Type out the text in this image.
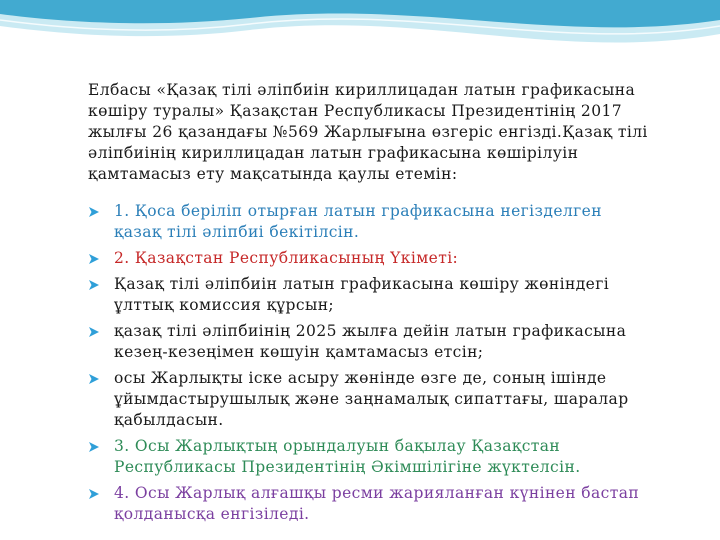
Елбасы «Қазақ тілі әліпбиін кириллицадан латын графикасына көшіру туралы» Қазақстан Республикасы Президентінің 2017 жылғы 26 қазандағы №569 Жарлығына өзгеріс енгізді.Қазақ тілі әліпбиінің кириллицадан латын графикасына көшірілуін қамтамасыз ету мақсатында қаулы етемін:

1. Қоса беріліп отырған латын графикасына негізделген қазақ тілі әліпбиі бекітілсін.
2. Қазақстан Республикасының Үкіметі:
Қазақ тілі әліпбиін латын графикасына көшіру жөніндегі ұлттық комиссия құрсын;
қазақ тілі әліпбиінің 2025 жылға дейін латын графикасына кезең-кезеңімен көшуін қамтамасыз етсін;
осы Жарлықты іске асыру жөнінде өзге де, соның ішінде ұйымдастырушылық және заңнамалық сипаттағы, шаралар қабылдасын.
3. Осы Жарлықтың орындалуын бақылау Қазақстан Республикасы Президентінің Әкімшілігіне жүктелсін.
4. Осы Жарлық алғашқы ресми жарияланған күнінен бастап қолданысқа енгізіледі.
